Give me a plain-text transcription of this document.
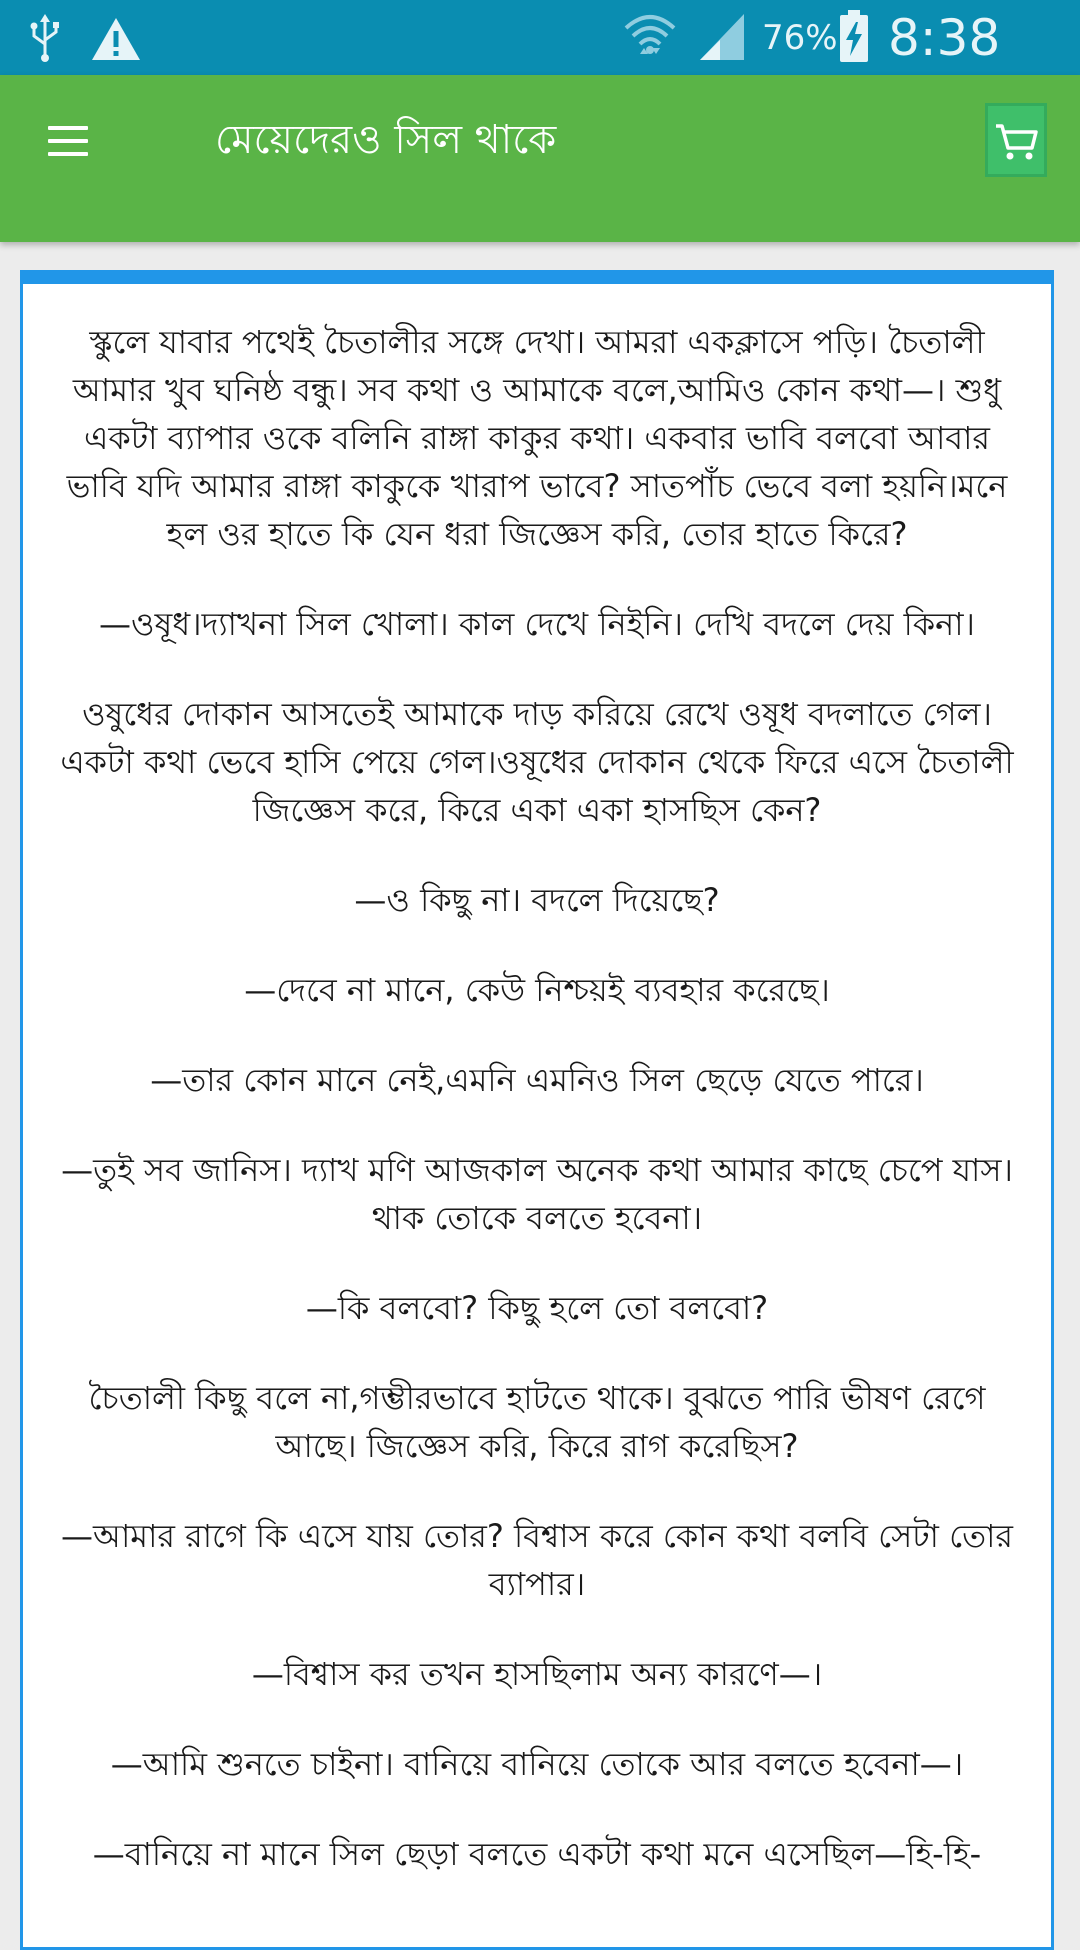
76% 8:38
মেয়েদেরও সিল থাকে

স্কুলে যাবার পথেই চৈতালীর সঙ্গে দেখা। আমরা একক্লাসে পড়ি। চৈতালী আমার খুব ঘনিষ্ঠ বন্ধু। সব কথা ও আমাকে বলে,আমিও কোন কথা—। শুধু একটা ব্যাপার ওকে বলিনি রাঙ্গা কাকুর কথা। একবার ভাবি বলবো আবার ভাবি যদি আমার রাঙ্গা কাকুকে খারাপ ভাবে? সাতপাঁচ ভেবে বলা হয়নি।মনে হল ওর হাতে কি যেন ধরা জিজ্ঞেস করি, তোর হাতে কিরে?

—ওষূধ।দ্যাখনা সিল খোলা। কাল দেখে নিইনি। দেখি বদলে দেয় কিনা।

ওষুধের দোকান আসতেই আমাকে দাড় করিয়ে রেখে ওষূধ বদলাতে গেল। একটা কথা ভেবে হাসি পেয়ে গেল।ওষূধের দোকান থেকে ফিরে এসে চৈতালী জিজ্ঞেস করে, কিরে একা একা হাসছিস কেন?

—ও কিছু না। বদলে দিয়েছে?

—দেবে না মানে, কেউ নিশ্চয়ই ব্যবহার করেছে।

—তার কোন মানে নেই,এমনি এমনিও সিল ছেড়ে যেতে পারে।

—তুই সব জানিস। দ্যাখ মণি আজকাল অনেক কথা আমার কাছে চেপে যাস।থাক তোকে বলতে হবেনা।

—কি বলবো? কিছু হলে তো বলবো?

চৈতালী কিছু বলে না,গম্ভীরভাবে হাটতে থাকে। বুঝতে পারি ভীষণ রেগে আছে। জিজ্ঞেস করি, কিরে রাগ করেছিস?

—আমার রাগে কি এসে যায় তোর? বিশ্বাস করে কোন কথা বলবি সেটা তোর ব্যাপার।

—বিশ্বাস কর তখন হাসছিলাম অন্য কারণে—।

—আমি শুনতে চাইনা। বানিয়ে বানিয়ে তোকে আর বলতে হবেনা—।

—বানিয়ে না মানে সিল ছেড়া বলতে একটা কথা মনে এসেছিল—হি-হি-
